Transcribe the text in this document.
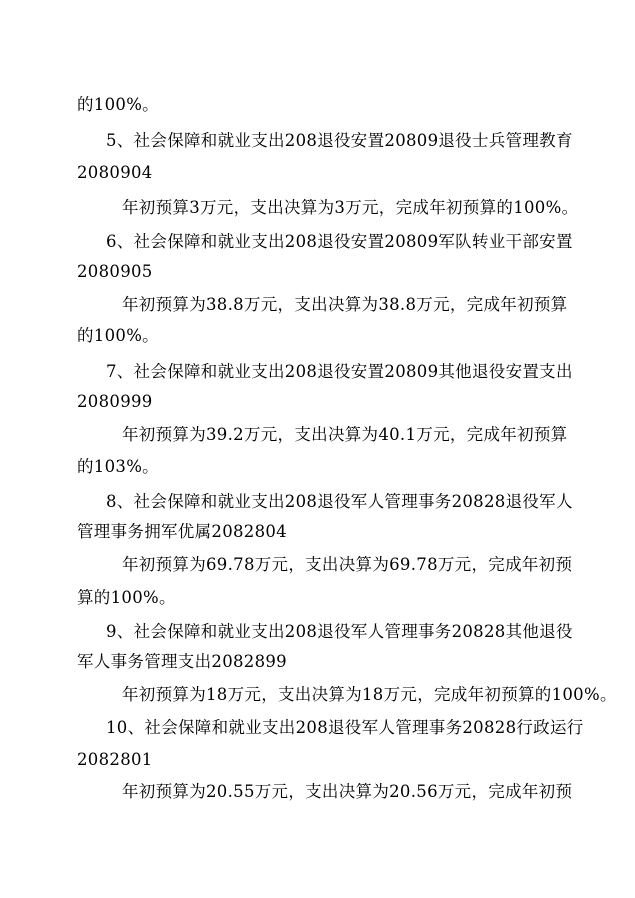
的100%。
5、社会保障和就业支出208退役安置20809退役士兵管理教育
2080904
年初预算3万元，支出决算为3万元，完成年初预算的100%。
6、社会保障和就业支出208退役安置20809军队转业干部安置
2080905
年初预算为38.8万元，支出决算为38.8万元，完成年初预算
的100%。
7、社会保障和就业支出208退役安置20809其他退役安置支出
2080999
年初预算为39.2万元，支出决算为40.1万元，完成年初预算
的103%。
8、社会保障和就业支出208退役军人管理事务20828退役军人
管理事务拥军优属2082804
年初预算为69.78万元，支出决算为69.78万元，完成年初预
算的100%。
9、社会保障和就业支出208退役军人管理事务20828其他退役
军人事务管理支出2082899
年初预算为18万元，支出决算为18万元，完成年初预算的100%。
10、社会保障和就业支出208退役军人管理事务20828行政运行
2082801
年初预算为20.55万元，支出决算为20.56万元，完成年初预
